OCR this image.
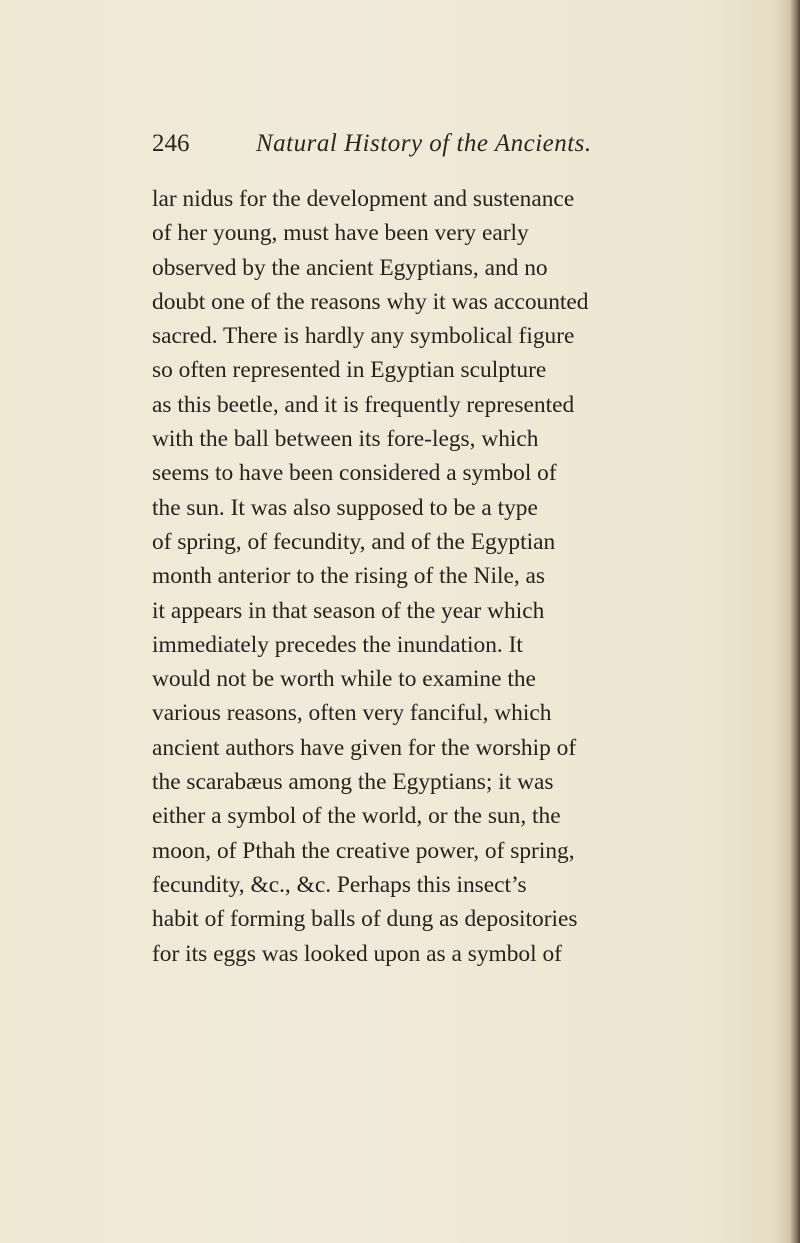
246	Natural History of the Ancients.
lar nidus for the development and sustenance
of her young, must have been very early
observed by the ancient Egyptians, and no
doubt one of the reasons why it was accounted
sacred. There is hardly any symbolical figure
so often represented in Egyptian sculpture
as this beetle, and it is frequently represented
with the ball between its fore-legs, which
seems to have been considered a symbol of
the sun. It was also supposed to be a type
of spring, of fecundity, and of the Egyptian
month anterior to the rising of the Nile, as
it appears in that season of the year which
immediately precedes the inundation. It
would not be worth while to examine the
various reasons, often very fanciful, which
ancient authors have given for the worship of
the scarabæus among the Egyptians; it was
either a symbol of the world, or the sun, the
moon, of Pthah the creative power, of spring,
fecundity, &c., &c. Perhaps this insect’s
habit of forming balls of dung as depositories
for its eggs was looked upon as a symbol of
